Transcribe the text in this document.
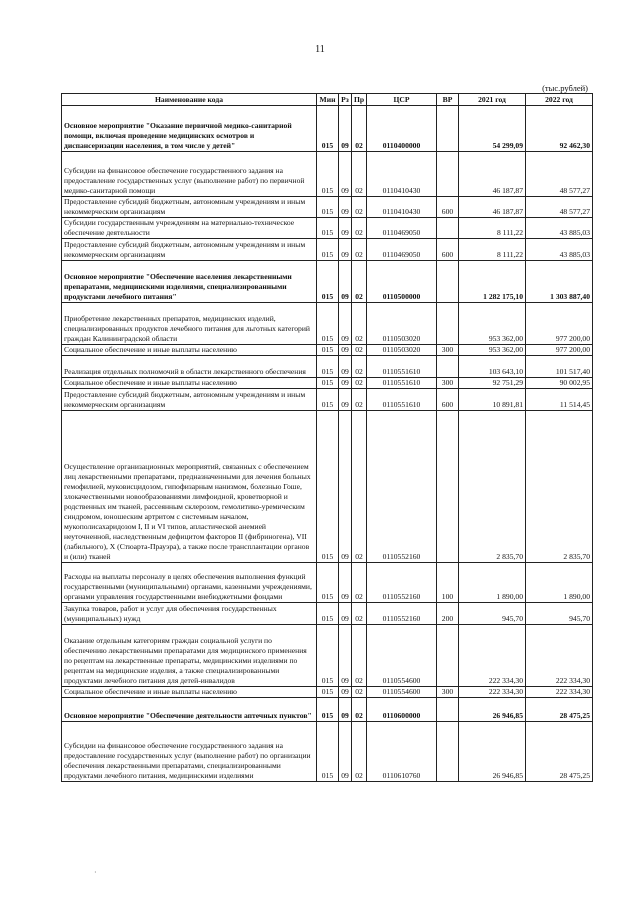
11
(тыс.рублей)
Наименование кода	Мин	Рз	Пр	ЦСР	ВР	2021 год	2022 год
Основное мероприятие "Оказание первичной медико-санитарной помощи, включая проведение медицинских осмотров и диспансеризации населения, в том числе у детей"	015	09	02	0110400000		54 299,09	92 462,30
Субсидии на финансовое обеспечение государственного задания на предоставление государственных услуг (выполнение работ) по первичной медико-санитарной помощи	015	09	02	0110410430		46 187,87	48 577,27
Предоставление субсидий бюджетным, автономным учреждениям и иным некоммерческим организациям	015	09	02	0110410430	600	46 187,87	48 577,27
Субсидии государственным учреждениям на материально-техническое обеспечение деятельности	015	09	02	0110469050		8 111,22	43 885,03
Предоставление субсидий бюджетным, автономным учреждениям и иным некоммерческим организациям	015	09	02	0110469050	600	8 111,22	43 885,03
Основное мероприятие "Обеспечение населения лекарственными препаратами, медицинскими изделиями, специализированными продуктами лечебного питания"	015	09	02	0110500000		1 282 175,10	1 303 887,40
Приобретение лекарственных препаратов, медицинских изделий, специализированных продуктов лечебного питания для льготных категорий граждан Калининградской области	015	09	02	0110503020		953 362,00	977 200,00
Социальное обеспечение и иные выплаты населению	015	09	02	0110503020	300	953 362,00	977 200,00
Реализация отдельных полномочий в области лекарственного обеспечения	015	09	02	0110551610		103 643,10	101 517,40
Социальное обеспечение и иные выплаты населению	015	09	02	0110551610	300	92 751,29	90 002,95
Предоставление субсидий бюджетным, автономным учреждениям и иным некоммерческим организациям	015	09	02	0110551610	600	10 891,81	11 514,45
Осуществление организационных мероприятий, связанных с обеспечением лиц лекарственными препаратами, предназначенными для лечения больных гемофилией, муковисцидозом, гипофизарным нанизмом, болезнью Гоше, злокачественными новообразованиями лимфоидной, кроветворной и родственных им тканей, рассеянным склерозом, гемолитико-уремическим синдромом, юношеским артритом с системным началом, мукополисахаридозом I, II и VI типов, апластической анемией неуточненной, наследственным дефицитом факторов II (фибриногена), VII (лабильного), X (Стюарта-Прауэра), а также после трансплантации органов и (или) тканей	015	09	02	0110552160		2 835,70	2 835,70
Расходы на выплаты персоналу в целях обеспечения выполнения функций государственными (муниципальными) органами, казенными учреждениями, органами управления государственными внебюджетными фондами	015	09	02	0110552160	100	1 890,00	1 890,00
Закупка товаров, работ и услуг для обеспечения государственных (муниципальных) нужд	015	09	02	0110552160	200	945,70	945,70
Оказание отдельным категориям граждан социальной услуги по обеспечению лекарственными препаратами для медицинского применения по рецептам на лекарственные препараты, медицинскими изделиями по рецептам на медицинские изделия, а также специализированными продуктами лечебного питания для детей-инвалидов	015	09	02	0110554600		222 334,30	222 334,30
Социальное обеспечение и иные выплаты населению	015	09	02	0110554600	300	222 334,30	222 334,30
Основное мероприятие "Обеспечение деятельности аптечных пунктов"	015	09	02	0110600000		26 946,85	28 475,25
Субсидии на финансовое обеспечение государственного задания на предоставление государственных услуг (выполнение работ) по организации обеспечения лекарственными препаратами, специализированными продуктами лечебного питания, медицинскими изделиями	015	09	02	0110610760		26 946,85	28 475,25
·
